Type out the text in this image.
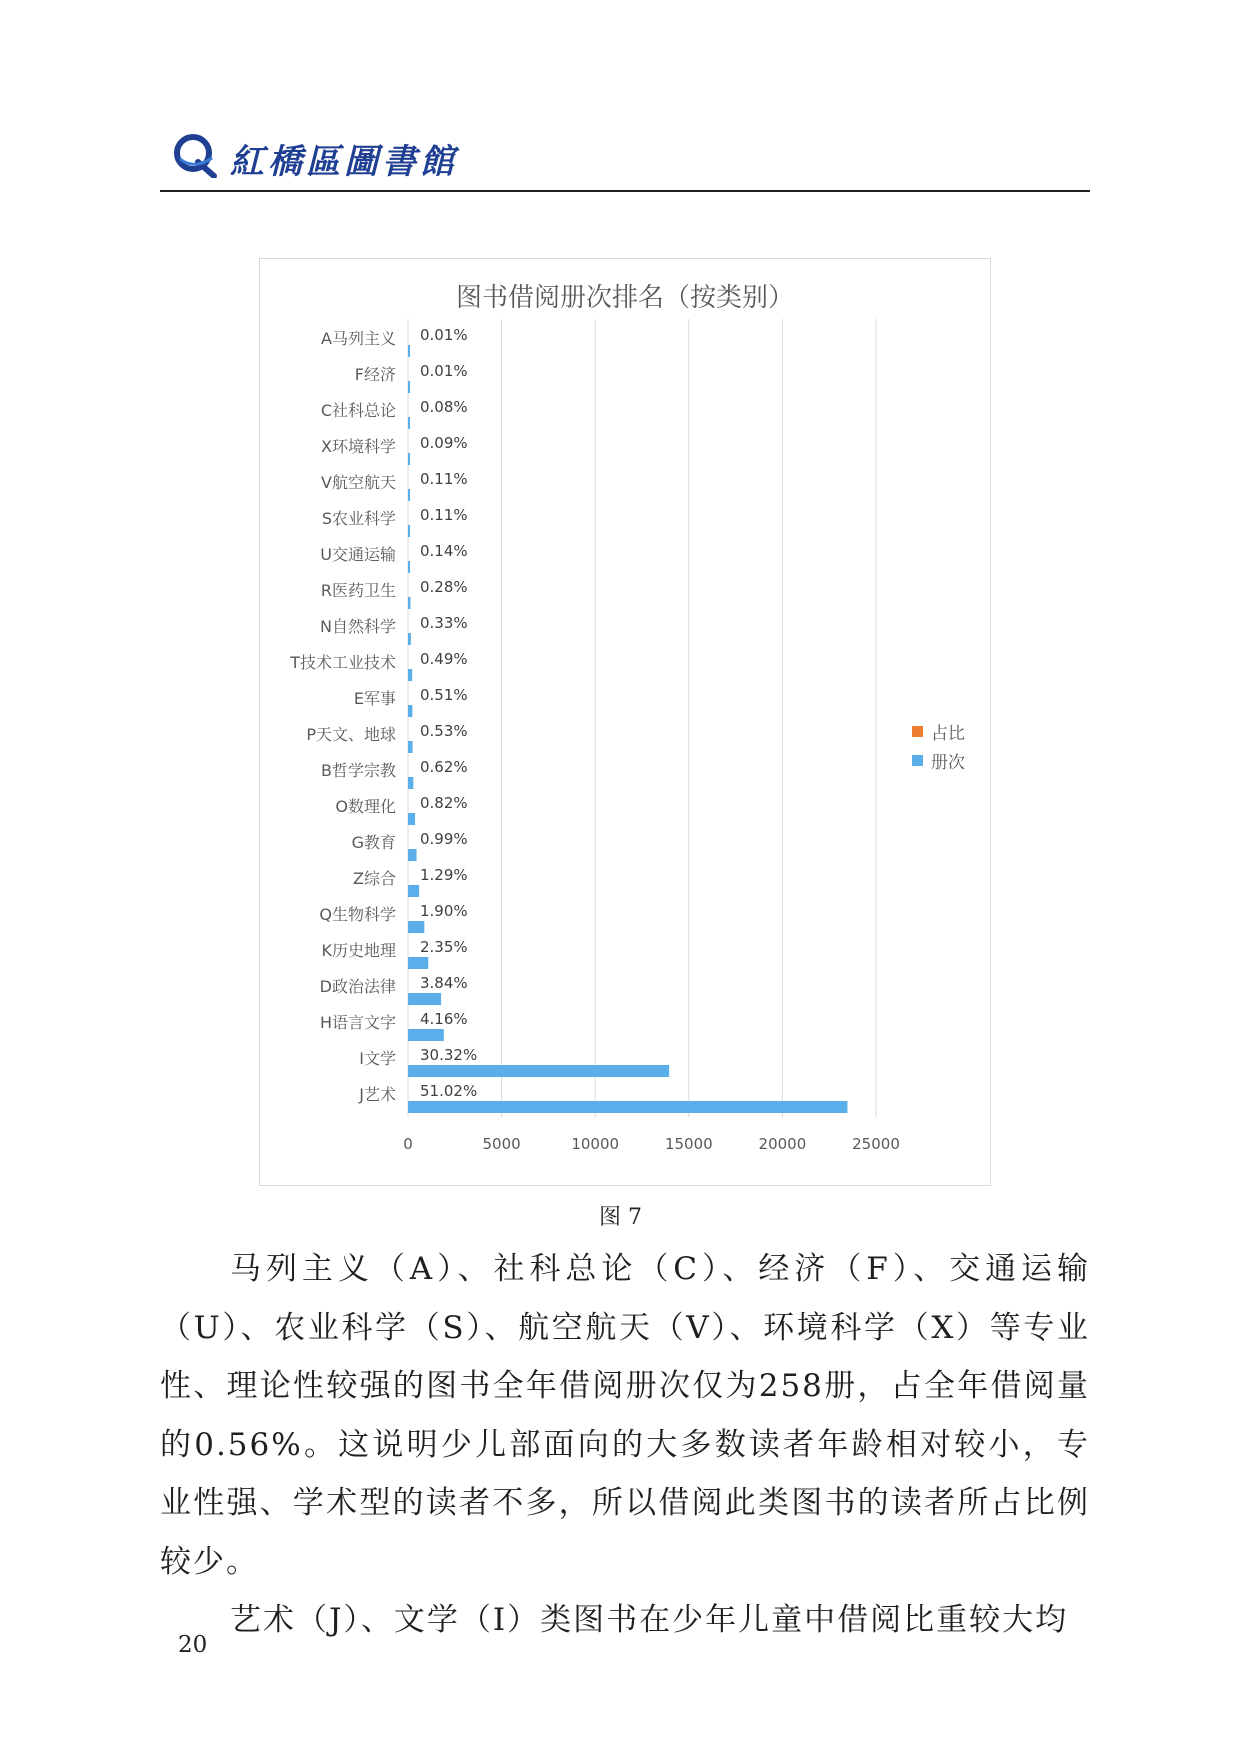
紅橋區圖書館
0	5000	10000	15000	20000	25000
A马列主义 0.01%
F经济 0.01%
C社科总论 0.08%
X环境科学 0.09%
V航空航天 0.11%
S农业科学 0.11%
U交通运输 0.14%
R医药卫生 0.28%
N自然科学 0.33%
T技术工业技术 0.49%
E军事 0.51%
P天文、地球 0.53%
B哲学宗教 0.62%
O数理化 0.82%
G教育 0.99%
Z综合 1.29%
Q生物科学 1.90%
K历史地理 2.35%
D政治法律 3.84%
H语言文字 4.16%
I文学 30.32%
J艺术 51.02%
图书借阅册次排名（按类别）
占比
册次
图 7

马列主义（A）、社科总论（C）、经济（F）、交通运输（U）、农业科学（S）、航空航天（V）、环境科学（X）等专业性、理论性较强的图书全年借阅册次仅为258册，占全年借阅量的0.56%。这说明少儿部面向的大多数读者年龄相对较小，专业性强、学术型的读者不多，所以借阅此类图书的读者所占比例较少。

艺术（J）、文学（I）类图书在少年儿童中借阅比重较大均

20
